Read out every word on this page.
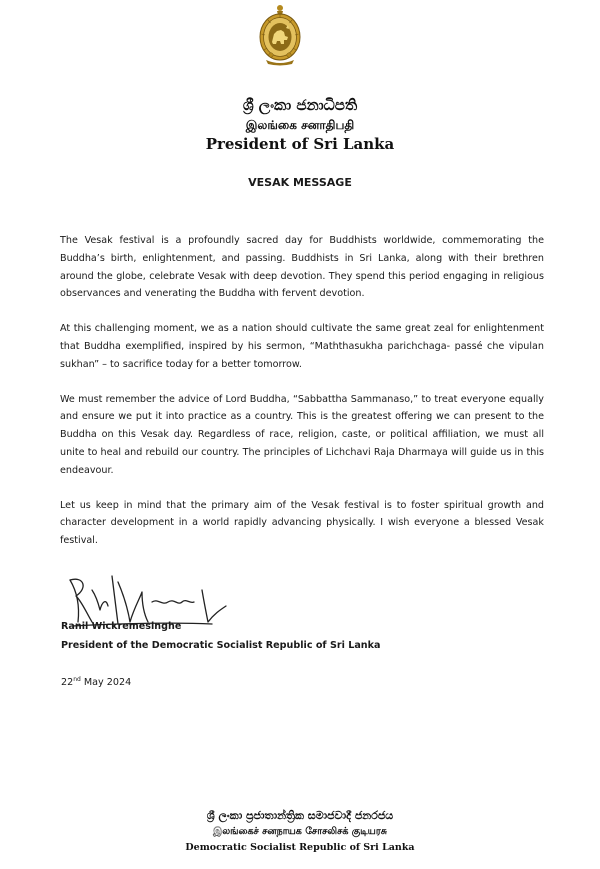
ශ්‍රී ලංකා ජනාධිපති
இலங்கை சனாதிபதி
President of Sri Lanka
VESAK MESSAGE

The Vesak festival is a profoundly sacred day for Buddhists worldwide, commemorating the Buddha’s birth, enlightenment, and passing. Buddhists in Sri Lanka, along with their brethren around the globe, celebrate Vesak with deep devotion. They spend this period engaging in religious observances and venerating the Buddha with fervent devotion.

At this challenging moment, we as a nation should cultivate the same great zeal for enlightenment that Buddha exemplified, inspired by his sermon, “Maththasukha parichchaga- passé che vipulan sukhan” – to sacrifice today for a better tomorrow.

We must remember the advice of Lord Buddha, “Sabbattha Sammanaso,” to treat everyone equally and ensure we put it into practice as a country. This is the greatest offering we can present to the Buddha on this Vesak day. Regardless of race, religion, caste, or political affiliation, we must all unite to heal and rebuild our country. The principles of Lichchavi Raja Dharmaya will guide us in this endeavour.

Let us keep in mind that the primary aim of the Vesak festival is to foster spiritual growth and character development in a world rapidly advancing physically. I wish everyone a blessed Vesak festival.

Ranil Wickremesinghe
President of the Democratic Socialist Republic of Sri Lanka
22nd May 2024
ශ්‍රී ලංකා ප්‍රජාතාන්ත්‍රික සමාජවාදී ජනරජය
இலங்கைச் சனநாயக சோசலிசக் குடியரசு
Democratic Socialist Republic of Sri Lanka
